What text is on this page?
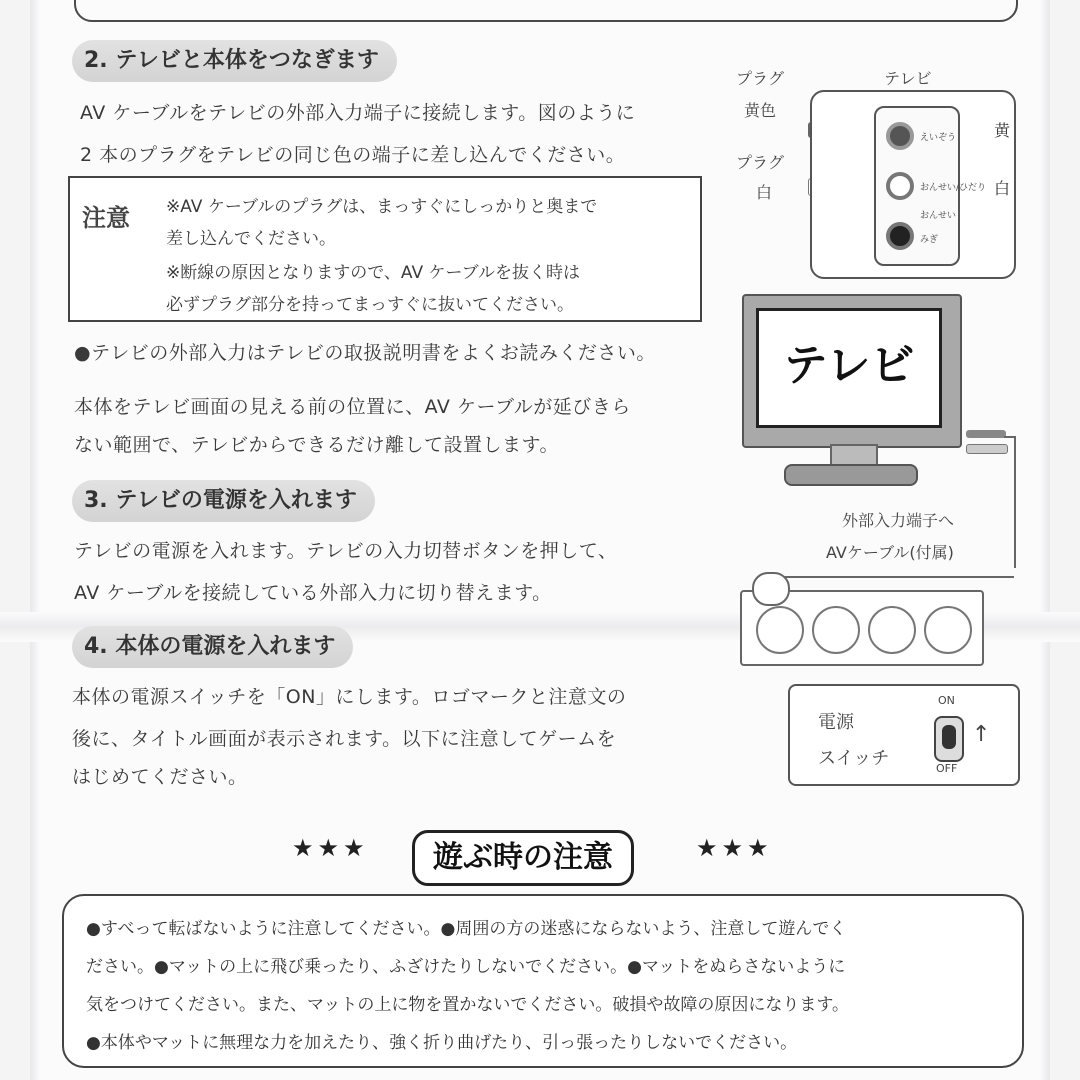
2. テレビと本体をつなぎます

AV ケーブルをテレビの外部入力端子に接続します。図のように

2 本のプラグをテレビの同じ色の端子に差し込んでください。

注意 ※AV ケーブルのプラグは、まっすぐにしっかりと奥まで
差し込んでください。
※断線の原因となりますので、AV ケーブルを抜く時は
必ずプラグ部分を持ってまっすぐに抜いてください。

●テレビの外部入力はテレビの取扱説明書をよくお読みください。

本体をテレビ画面の見える前の位置に、AV ケーブルが延びきら

ない範囲で、テレビからできるだけ離して設置します。

3. テレビの電源を入れます

テレビの電源を入れます。テレビの入力切替ボタンを押して、

AV ケーブルを接続している外部入力に切り替えます。

4. 本体の電源を入れます

本体の電源スイッチを「ON」にします。ロゴマークと注意文の

後に、タイトル画面が表示されます。以下に注意してゲームを

はじめてください。

プラグ
黄色
プラグ
白
テレビ
えいぞう
おんせい/ひだり
おんせい
みぎ
黄
白
テレビ
外部入力端子へ
AVケーブル(付属)
電源
スイッチ
ON
↑
OFF
★★★	遊ぶ時の注意	★★★
●すべって転ばないように注意してください。●周囲の方の迷惑にならないよう、注意して遊んでく
ださい。●マットの上に飛び乗ったり、ふざけたりしないでください。●マットをぬらさないように
気をつけてください。また、マットの上に物を置かないでください。破損や故障の原因になります。
●本体やマットに無理な力を加えたり、強く折り曲げたり、引っ張ったりしないでください。
